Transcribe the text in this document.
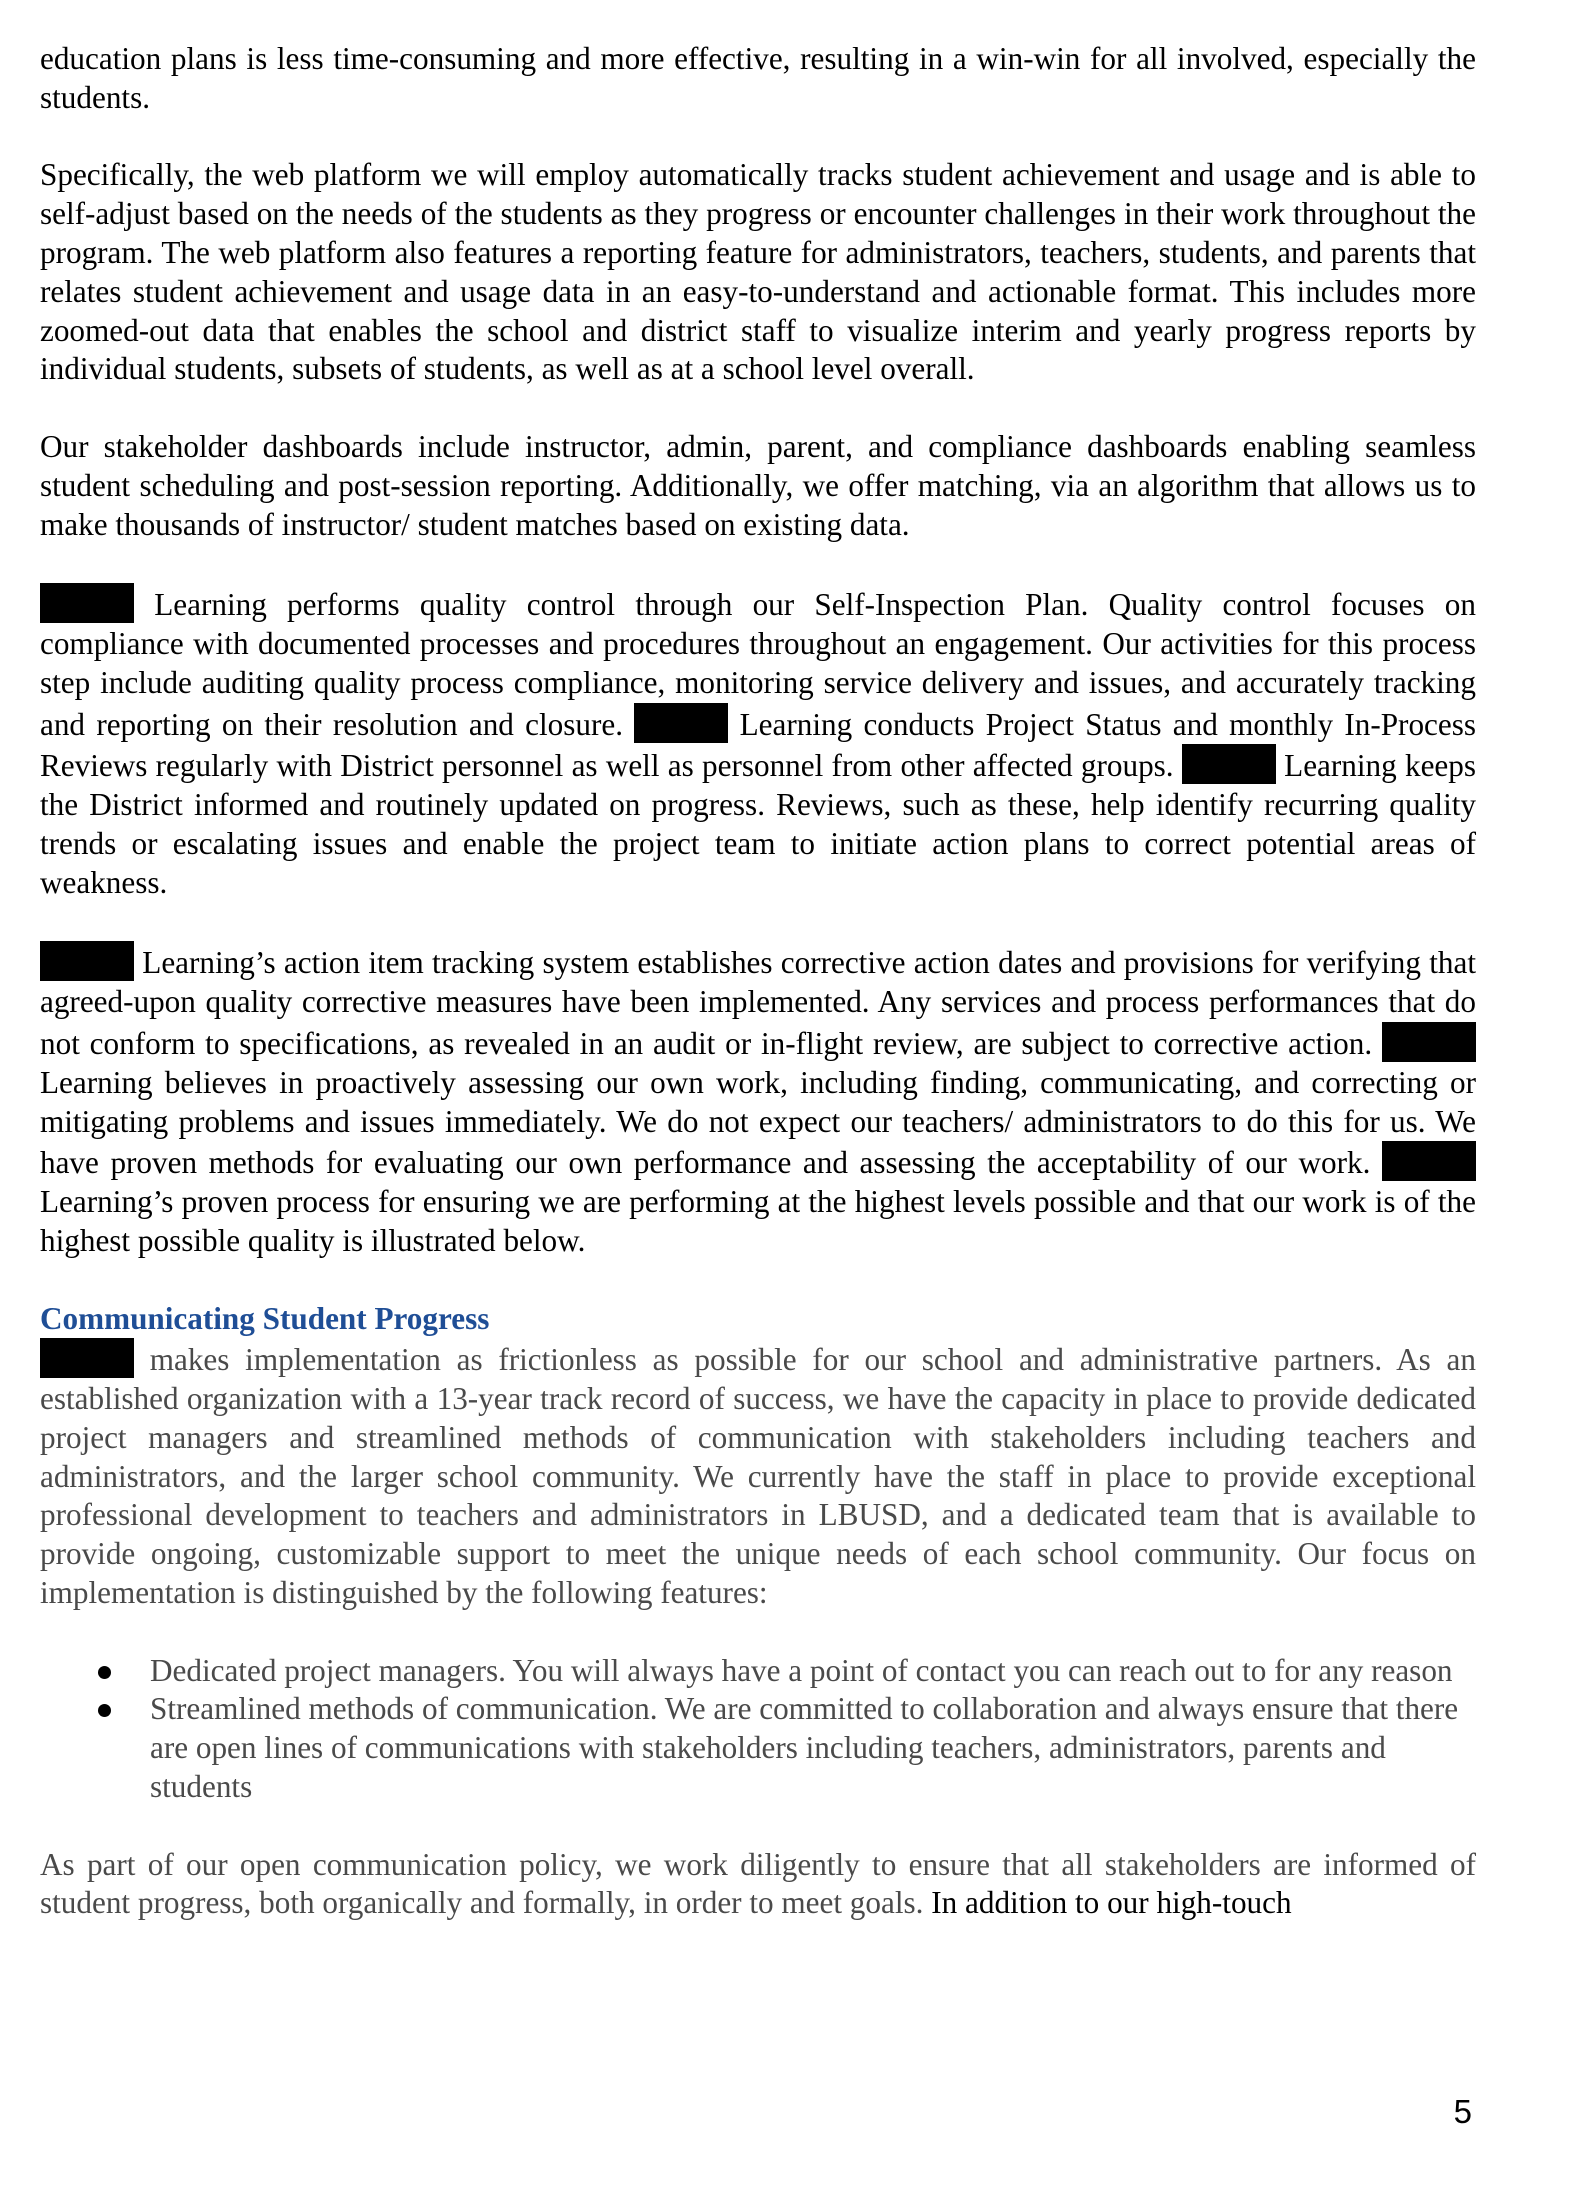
education plans is less time-consuming and more effective, resulting in a win-win for all involved, especially the students.

Specifically, the web platform we will employ automatically tracks student achievement and usage and is able to self-adjust based on the needs of the students as they progress or encounter challenges in their work throughout the program. The web platform also features a reporting feature for administrators, teachers, students, and parents that relates student achievement and usage data in an easy-to-understand and actionable format. This includes more zoomed-out data that enables the school and district staff to visualize interim and yearly progress reports by individual students, subsets of students, as well as at a school level overall.

Our stakeholder dashboards include instructor, admin, parent, and compliance dashboards enabling seamless student scheduling and post-session reporting. Additionally, we offer matching, via an algorithm that allows us to make thousands of instructor/ student matches based on existing data.

Learning performs quality control through our Self-Inspection Plan. Quality control focuses on compliance with documented processes and procedures throughout an engagement. Our activities for this process step include auditing quality process compliance, monitoring service delivery and issues, and accurately tracking and reporting on their resolution and closure.	Learning conducts Project Status and monthly In-Process Reviews regularly with District personnel as well as personnel from other affected groups.	Learning keeps the District informed and routinely updated on progress. Reviews, such as these, help identify recurring quality trends or escalating issues and enable the project team to initiate action plans to correct potential areas of weakness.

Learning’s action item tracking system establishes corrective action dates and provisions for verifying that agreed-upon quality corrective measures have been implemented. Any services and process performances that do not conform to specifications, as revealed in an audit or in-flight review, are subject to corrective action.  Learning believes in proactively assessing our own work, including finding, communicating, and correcting or mitigating problems and issues immediately. We do not expect our teachers/ administrators to do this for us. We have proven methods for evaluating our own performance and assessing the acceptability of our work.  Learning’s proven process for ensuring we are performing at the highest levels possible and that our work is of the highest possible quality is illustrated below.

Communicating Student Progress

makes implementation as frictionless as possible for our school and administrative partners. As an established organization with a 13-year track record of success, we have the capacity in place to provide dedicated project managers and streamlined methods of communication with stakeholders including teachers and administrators, and the larger school community. We currently have the staff in place to provide exceptional professional development to teachers and administrators in LBUSD, and a dedicated team that is available to provide ongoing, customizable support to meet the unique needs of each school community. Our focus on implementation is distinguished by the following features:

Dedicated project managers. You will always have a point of contact you can reach out to for any reason
Streamlined methods of communication. We are committed to collaboration and always ensure that there are open lines of communications with stakeholders including teachers, administrators, parents and students

As part of our open communication policy, we work diligently to ensure that all stakeholders are informed of student progress, both organically and formally, in order to meet goals. In addition to our high-touch

5
